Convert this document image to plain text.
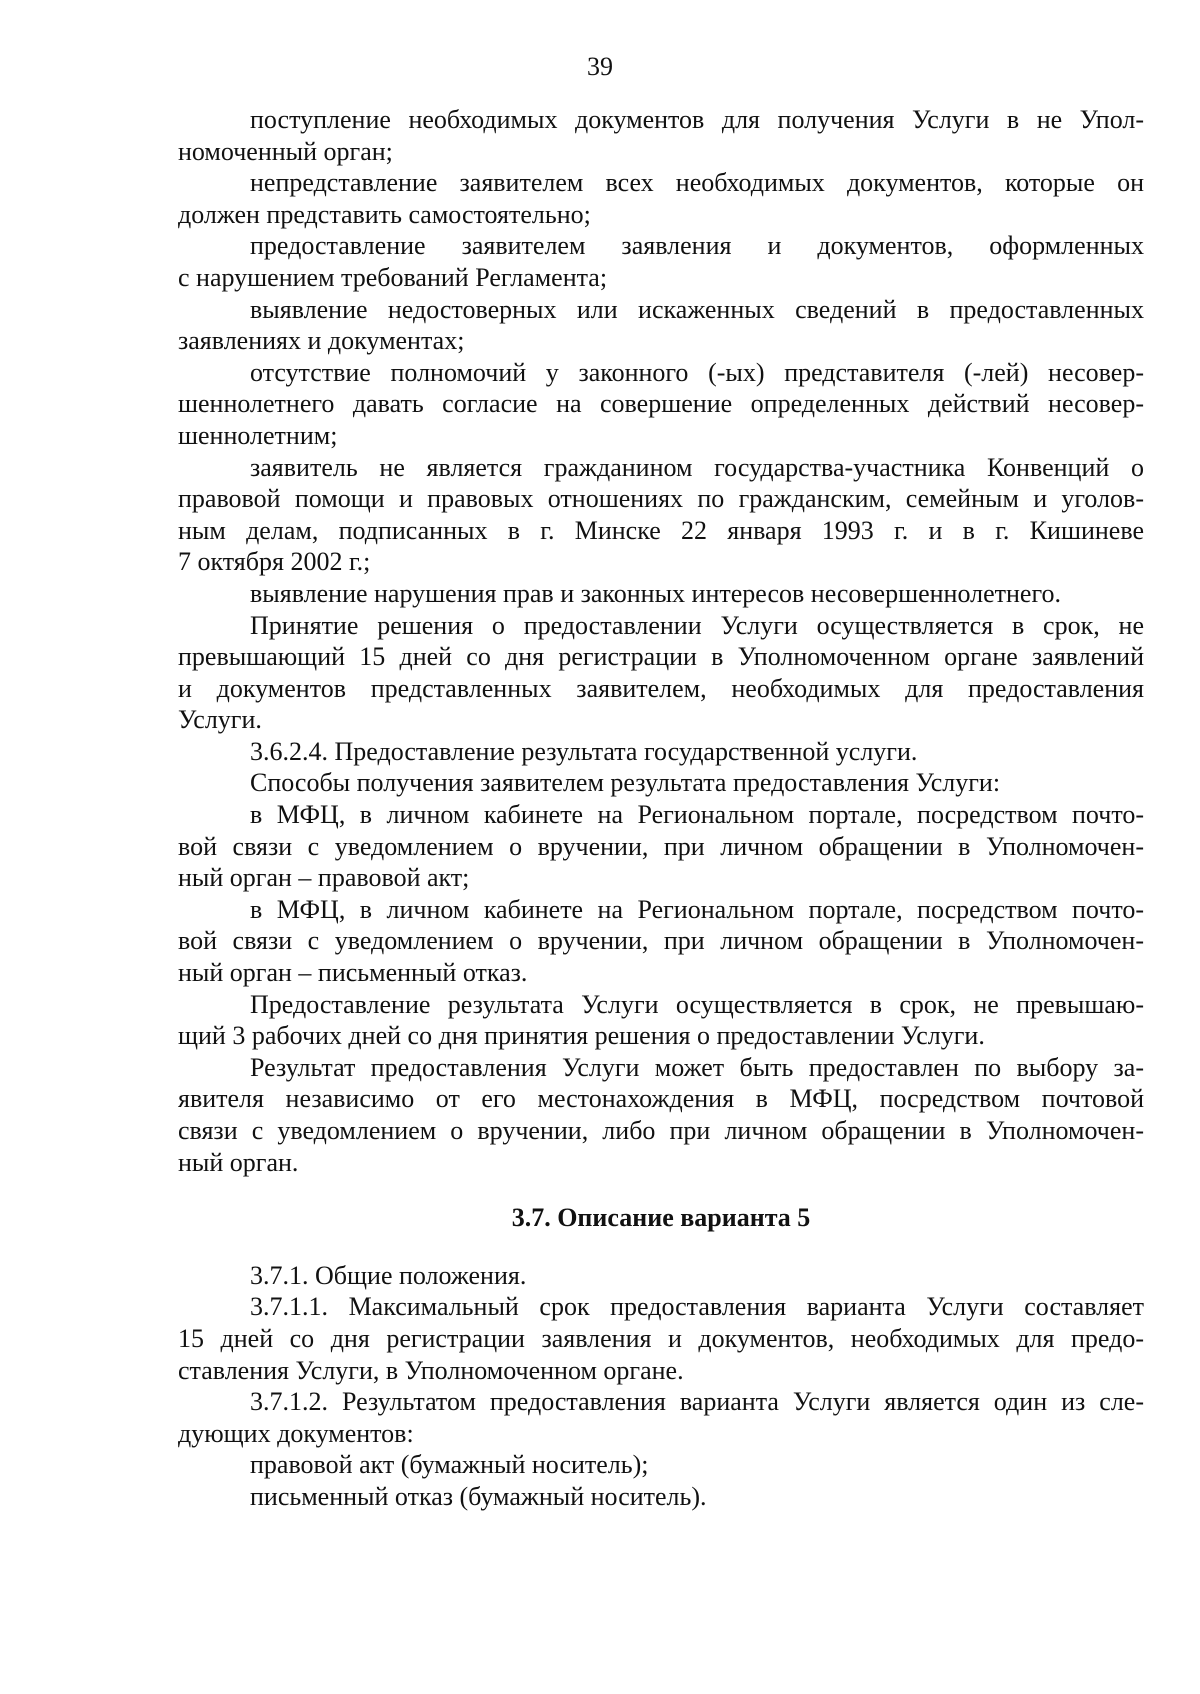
39
поступление необходимых документов для получения Услуги в не Упол-
номоченный орган;
непредставление заявителем всех необходимых документов, которые он
должен представить самостоятельно;
предоставление заявителем заявления и документов, оформленных
с нарушением требований Регламента;
выявление недостоверных или искаженных сведений в предоставленных
заявлениях и документах;
отсутствие полномочий у законного (-ых) представителя (-лей) несовер-
шеннолетнего давать согласие на совершение определенных действий несовер-
шеннолетним;
заявитель не является гражданином государства-участника Конвенций о
правовой помощи и правовых отношениях по гражданским, семейным и уголов-
ным делам, подписанных в г. Минске 22 января 1993 г. и в г. Кишиневе
7 октября 2002 г.;
выявление нарушения прав и законных интересов несовершеннолетнего.
Принятие решения о предоставлении Услуги осуществляется в срок, не
превышающий 15 дней со дня регистрации в Уполномоченном органе заявлений
и документов представленных заявителем, необходимых для предоставления
Услуги.
3.6.2.4. Предоставление результата государственной услуги.
Способы получения заявителем результата предоставления Услуги:
в МФЦ, в личном кабинете на Региональном портале, посредством почто-
вой связи с уведомлением о вручении, при личном обращении в Уполномочен-
ный орган – правовой акт;
в МФЦ, в личном кабинете на Региональном портале, посредством почто-
вой связи с уведомлением о вручении, при личном обращении в Уполномочен-
ный орган – письменный отказ.
Предоставление результата Услуги осуществляется в срок, не превышаю-
щий 3 рабочих дней со дня принятия решения о предоставлении Услуги.
Результат предоставления Услуги может быть предоставлен по выбору за-
явителя независимо от его местонахождения в МФЦ, посредством почтовой
связи с уведомлением о вручении, либо при личном обращении в Уполномочен-
ный орган.
3.7. Описание варианта 5
3.7.1. Общие положения.
3.7.1.1. Максимальный срок предоставления варианта Услуги составляет
15 дней со дня регистрации заявления и документов, необходимых для предо-
ставления Услуги, в Уполномоченном органе.
3.7.1.2. Результатом предоставления варианта Услуги является один из сле-
дующих документов:
правовой акт (бумажный носитель);
письменный отказ (бумажный носитель).
